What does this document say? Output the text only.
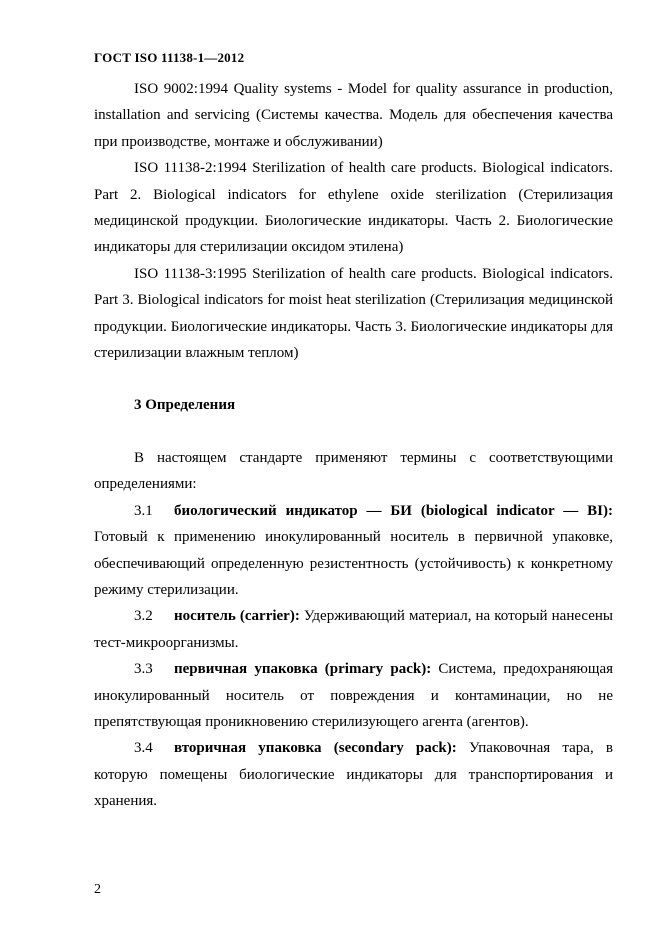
ГОСТ ISO 11138-1—2012

ISO 9002:1994 Quality systems - Model for quality assurance in production, installation and servicing (Системы качества. Модель для обеспечения качества при производстве, монтаже и обслуживании)

ISO 11138-2:1994 Sterilization of health care products. Biological indicators. Part 2. Biological indicators for ethylene oxide sterilization (Стерилизация медицинской продукции. Биологические индикаторы. Часть 2. Биологические индикаторы для стерилизации оксидом этилена)

ISO 11138-3:1995 Sterilization of health care products. Biological indicators. Part 3. Biological indicators for moist heat sterilization (Стерилизация медицинской продукции. Биологические индикаторы. Часть 3. Биологические индикаторы для стерилизации влажным теплом)

3 Определения

В настоящем стандарте применяют термины с соответствующими определениями:

3.1 биологический индикатор — БИ (biological indicator — BI): Готовый к применению инокулированный носитель в первичной упаковке, обеспечивающий определенную резистентность (устойчивость) к конкретному режиму стерилизации.

3.2 носитель (carrier): Удерживающий материал, на который нанесены тест-микроорганизмы.

3.3 первичная упаковка (primary pack): Система, предохраняющая инокулированный носитель от повреждения и контаминации, но не препятствующая проникновению стерилизующего агента (агентов).

3.4 вторичная упаковка (secondary pack): Упаковочная тара, в которую помещены биологические индикаторы для транспортирования и хранения.

2
